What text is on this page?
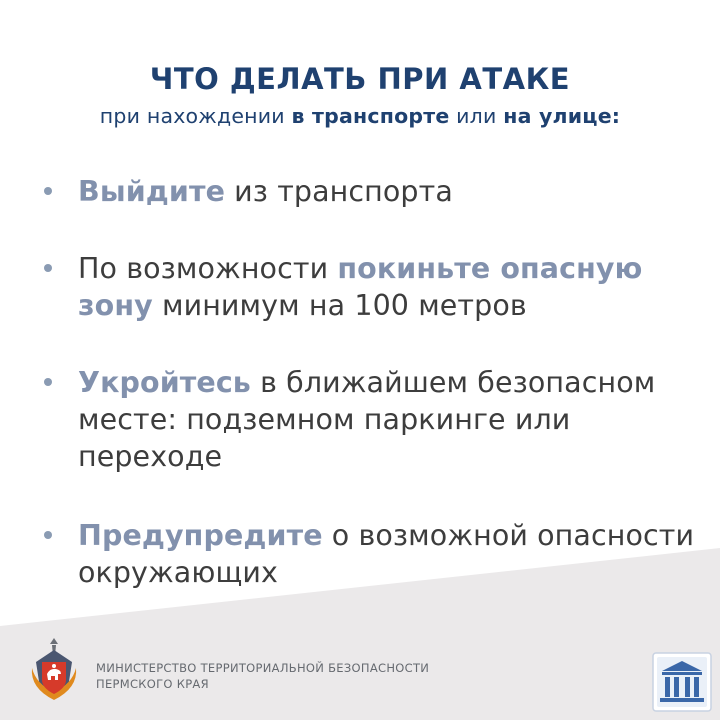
ЧТО ДЕЛАТЬ ПРИ АТАКЕ
при нахождении в транспорте или на улице:
Выйдите из транспорта
По возможности покиньте опасную зону минимум на 100 метров
Укройтесь в ближайшем безопасном месте: подземном паркинге или переходе
Предупредите о возможной опасности окружающих
МИНИСТЕРСТВО ТЕРРИТОРИАЛЬНОЙ БЕЗОПАСНОСТИ
ПЕРМСКОГО КРАЯ
